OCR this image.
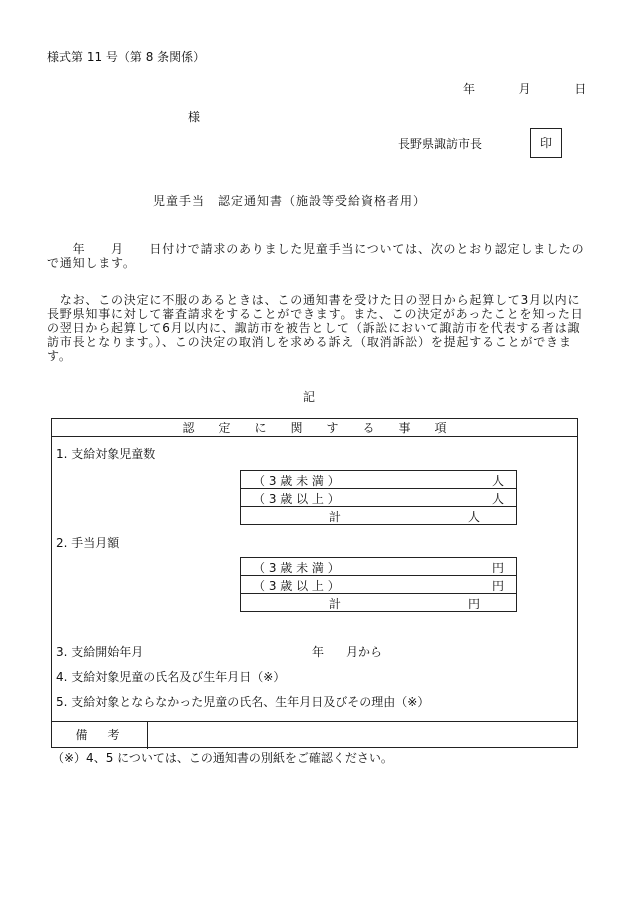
様式第 11 号（第 8 条関係）
年	月	日
様
長野県諏訪市長	印
児童手当　認定通知書（施設等受給資格者用）
　　年　　月　　日付けで請求のありました児童手当については、次のとおり認定しましたので通知します。
　なお、この決定に不服のあるときは、この通知書を受けた日の翌日から起算して3月以内に長野県知事に対して審査請求をすることができます。また、この決定があったことを知った日の翌日から起算して6月以内に、諏訪市を被告として（訴訟において諏訪市を代表する者は諏訪市長となります。）、この決定の取消しを求める訴え（取消訴訟）を提起することができます。
記
認 定 に 関 す る 事 項
1. 支給対象児童数
（ 3 歳 未 満 ）	人
（ 3 歳 以 上 ）	人
計	人
2. 手当月額
（ 3 歳 未 満 ）	円
（ 3 歳 以 上 ）	円
計	円
3. 支給開始年月	年 月から
4. 支給対象児童の氏名及び生年月日（※）
5. 支給対象とならなかった児童の氏名、生年月日及びその理由（※）
備　考
（※）4、5 については、この通知書の別紙をご確認ください。
